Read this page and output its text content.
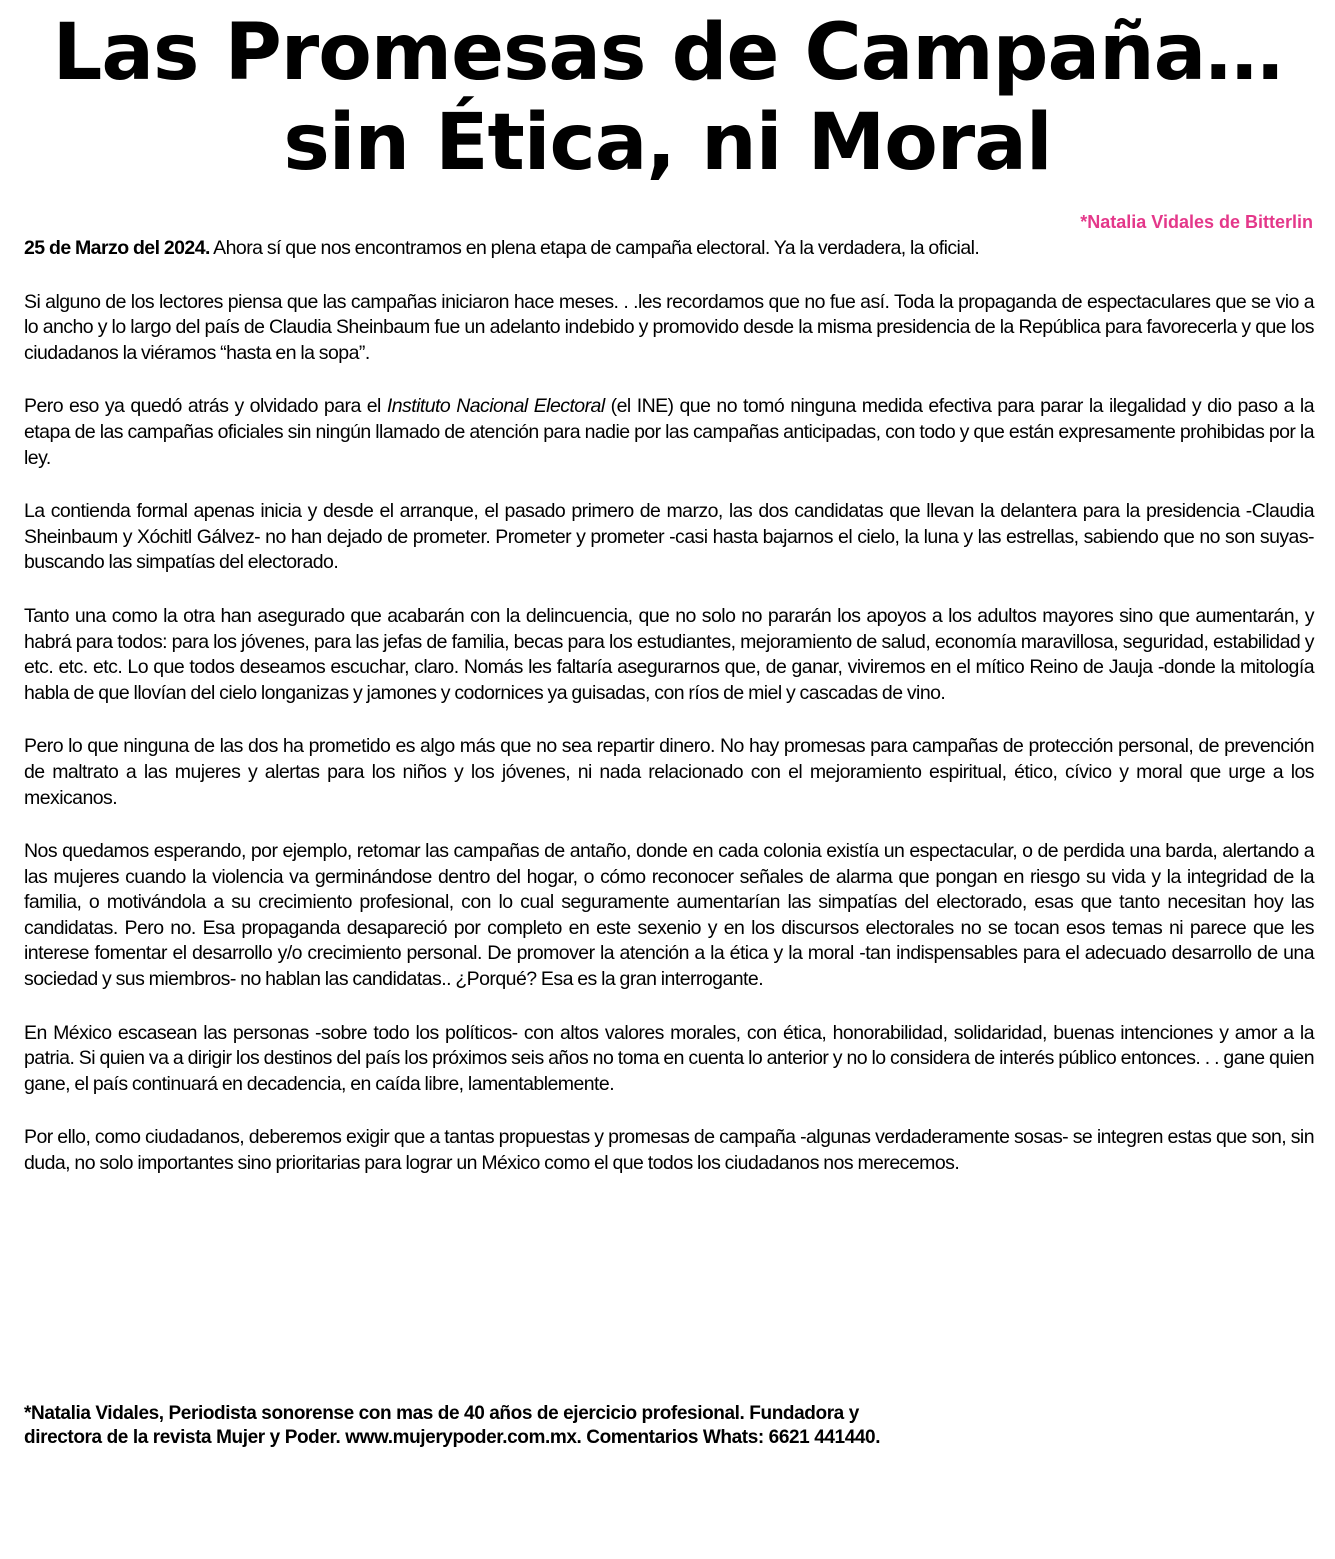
Las Promesas de Campaña…
sin Ética, ni Moral
*Natalia Vidales de Bitterlin

25 de Marzo del 2024. Ahora sí que nos encontramos en plena etapa de campaña electoral. Ya la verdadera, la oficial.

Si alguno de los lectores piensa que las campañas iniciaron hace meses. . .les recordamos que no fue así. Toda la propaganda de espectaculares que se vio a lo ancho y lo largo del país de Claudia Sheinbaum fue un adelanto indebido y promovido desde la misma presidencia de la República para favorecerla y que los ciudadanos la viéramos “hasta en la sopa”.

Pero eso ya quedó atrás y olvidado para el Instituto Nacional Electoral (el INE) que no tomó ninguna medida efectiva para parar la ilegalidad y dio paso a la etapa de las campañas oficiales sin ningún llamado de atención para nadie por las campañas anticipadas, con todo y que están expresamente prohibidas por la ley.

La contienda formal apenas inicia y desde el arranque, el pasado primero de marzo, las dos candidatas que llevan la delantera para la presidencia -Claudia Sheinbaum y Xóchitl Gálvez- no han dejado de prometer. Prometer y prometer -casi hasta bajarnos el cielo, la luna y las estrellas, sabiendo que no son suyas- buscando las simpatías del electorado.

Tanto una como la otra han asegurado que acabarán con la delincuencia, que no solo no pararán los apoyos a los adultos mayores sino que aumentarán, y habrá para todos: para los jóvenes, para las jefas de familia, becas para los estudiantes, mejoramiento de salud, economía maravillosa, seguridad, estabilidad y etc. etc. etc. Lo que todos deseamos escuchar, claro. Nomás les faltaría asegurarnos que, de ganar, viviremos en el mítico Reino de Jauja -donde la mitología habla de que llovían del cielo longanizas y jamones y codornices ya guisadas, con ríos de miel y cascadas de vino.

Pero lo que ninguna de las dos ha prometido es algo más que no sea repartir dinero. No hay promesas para campañas de protección personal, de prevención de maltrato a las mujeres y alertas para los niños y los jóvenes, ni nada relacionado con el mejoramiento espiritual, ético, cívico y moral que urge a los mexicanos.

Nos quedamos esperando, por ejemplo, retomar las campañas de antaño, donde en cada colonia existía un espectacular, o de perdida una barda, alertando a las mujeres cuando la violencia va germinándose dentro del hogar, o cómo reconocer señales de alarma que pongan en riesgo su vida y la integridad de la familia, o motivándola a su crecimiento profesional, con lo cual seguramente aumentarían las simpatías del electorado, esas que tanto necesitan hoy las candidatas. Pero no. Esa propaganda desapareció por completo en este sexenio y en los discursos electorales no se tocan esos temas ni parece que les interese fomentar el desarrollo y/o crecimiento personal. De promover la atención a la ética y la moral -tan indispensables para el adecuado desarrollo de una sociedad y sus miembros- no hablan las candidatas.. ¿Porqué? Esa es la gran interrogante.

En México escasean las personas -sobre todo los políticos- con altos valores morales, con ética, honorabilidad, solidaridad, buenas intenciones y amor a la patria. Si quien va a dirigir los destinos del país los próximos seis años no toma en cuenta lo anterior y no lo considera de interés público entonces. . . gane quien gane, el país continuará en decadencia, en caída libre, lamentablemente.

Por ello, como ciudadanos, deberemos exigir que a tantas propuestas y promesas de campaña -algunas verdaderamente sosas- se integren estas que son, sin duda, no solo importantes sino prioritarias para lograr un México como el que todos los ciudadanos nos merecemos.

*Natalia Vidales, Periodista sonorense con mas de 40 años de ejercicio profesional. Fundadora y
directora de la revista Mujer y Poder. www.mujerypoder.com.mx. Comentarios Whats: 6621 441440.
